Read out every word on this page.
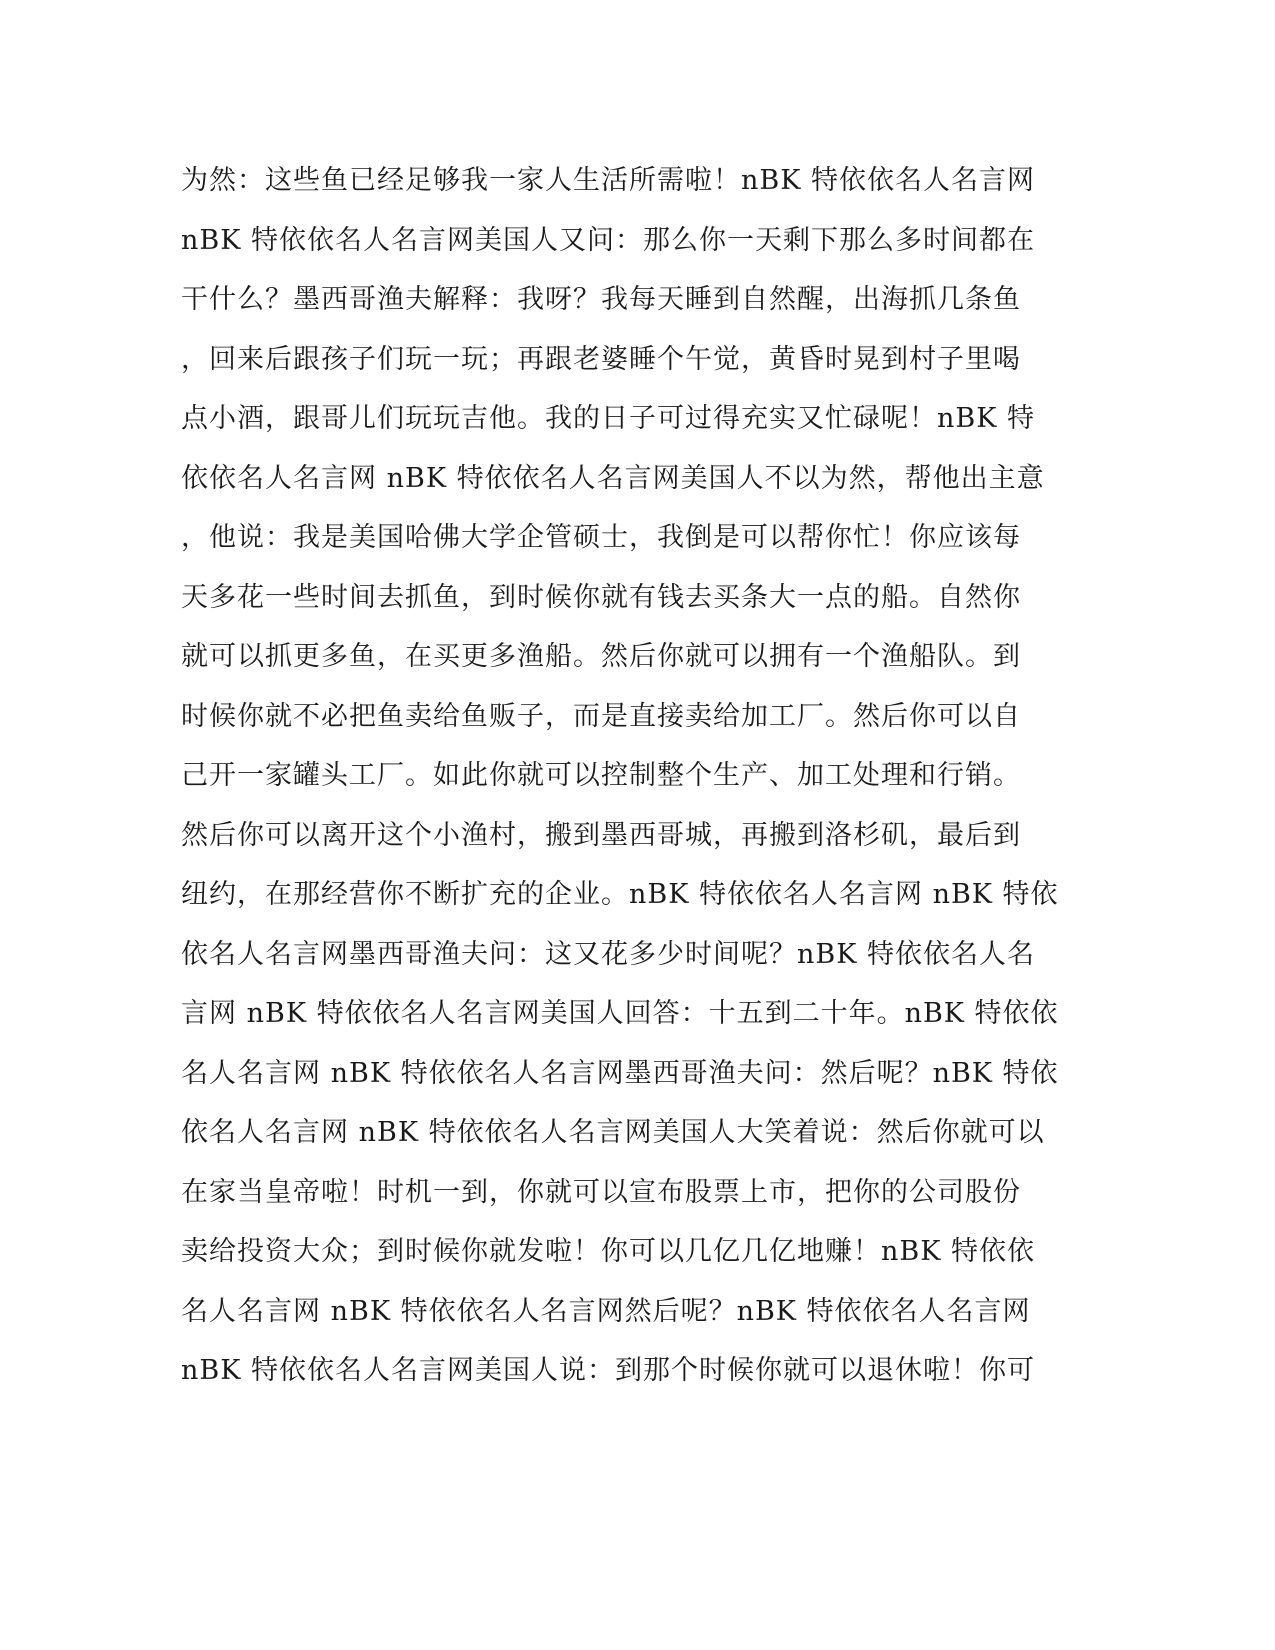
为然：这些鱼已经足够我一家人生活所需啦！nBK 特依依名人名言网
nBK 特依依名人名言网美国人又问：那么你一天剩下那么多时间都在
干什么？墨西哥渔夫解释：我呀？我每天睡到自然醒，出海抓几条鱼
，回来后跟孩子们玩一玩；再跟老婆睡个午觉，黄昏时晃到村子里喝
点小酒，跟哥儿们玩玩吉他。我的日子可过得充实又忙碌呢！nBK 特
依依名人名言网 nBK 特依依名人名言网美国人不以为然，帮他出主意
，他说：我是美国哈佛大学企管硕士，我倒是可以帮你忙！你应该每
天多花一些时间去抓鱼，到时候你就有钱去买条大一点的船。自然你
就可以抓更多鱼，在买更多渔船。然后你就可以拥有一个渔船队。到
时候你就不必把鱼卖给鱼贩子，而是直接卖给加工厂。然后你可以自
己开一家罐头工厂。如此你就可以控制整个生产、加工处理和行销。
然后你可以离开这个小渔村，搬到墨西哥城，再搬到洛杉矶，最后到
纽约，在那经营你不断扩充的企业。nBK 特依依名人名言网 nBK 特依
依名人名言网墨西哥渔夫问：这又花多少时间呢？nBK 特依依名人名
言网 nBK 特依依名人名言网美国人回答：十五到二十年。nBK 特依依
名人名言网 nBK 特依依名人名言网墨西哥渔夫问：然后呢？nBK 特依
依名人名言网 nBK 特依依名人名言网美国人大笑着说：然后你就可以
在家当皇帝啦！时机一到，你就可以宣布股票上市，把你的公司股份
卖给投资大众；到时候你就发啦！你可以几亿几亿地赚！nBK 特依依
名人名言网 nBK 特依依名人名言网然后呢？nBK 特依依名人名言网
nBK 特依依名人名言网美国人说：到那个时候你就可以退休啦！你可
